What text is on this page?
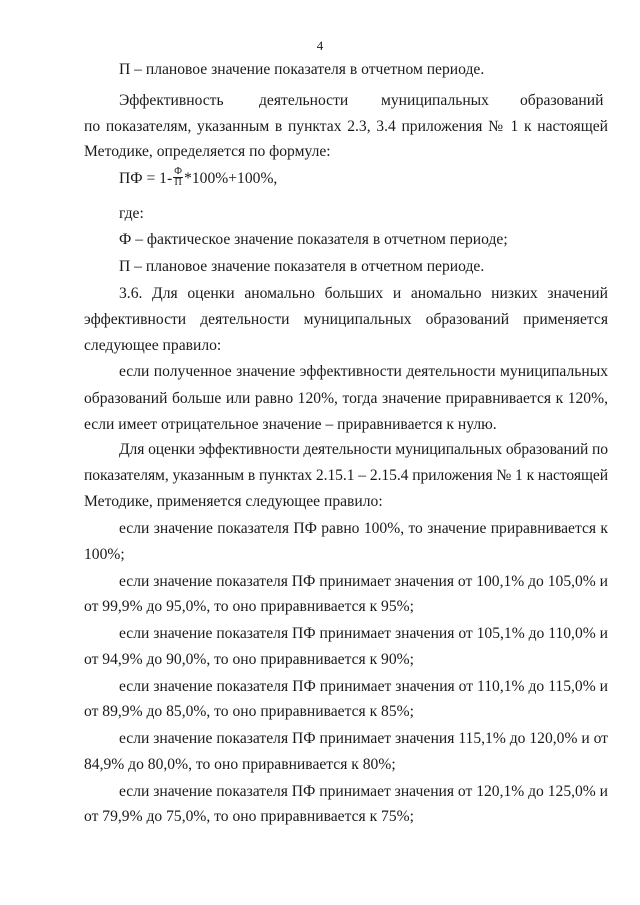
4
П – плановое значение показателя в отчетном периоде.
Эффективность деятельности муниципальных образований
по показателям, указанным в пунктах 2.3, 3.4 приложения № 1 к настоящей
Методике, определяется по формуле:
ПФ = $1- \frac{Ф}{П} *100\%+100\%$,
где:
Ф – фактическое значение показателя в отчетном периоде;
П – плановое значение показателя в отчетном периоде.
3.6. Для оценки аномально больших и аномально низких значений
эффективности деятельности муниципальных образований применяется
следующее правило:
если полученное значение эффективности деятельности муниципальных
образований больше или равно 120%, тогда значение приравнивается к 120%,
если имеет отрицательное значение – приравнивается к нулю.
Для оценки эффективности деятельности муниципальных образований по
показателям, указанным в пунктах 2.15.1 – 2.15.4 приложения № 1 к настоящей
Методике, применяется следующее правило:
если значение показателя ПФ равно 100%, то значение приравнивается к
100%;
если значение показателя ПФ принимает значения от 100,1% до 105,0% и
от 99,9% до 95,0%, то оно приравнивается к 95%;
если значение показателя ПФ принимает значения от 105,1% до 110,0% и
от 94,9% до 90,0%, то оно приравнивается к 90%;
если значение показателя ПФ принимает значения от 110,1% до 115,0% и
от 89,9% до 85,0%, то оно приравнивается к 85%;
если значение показателя ПФ принимает значения 115,1% до 120,0% и от
84,9% до 80,0%, то оно приравнивается к 80%;
если значение показателя ПФ принимает значения от 120,1% до 125,0% и
от 79,9% до 75,0%, то оно приравнивается к 75%;
